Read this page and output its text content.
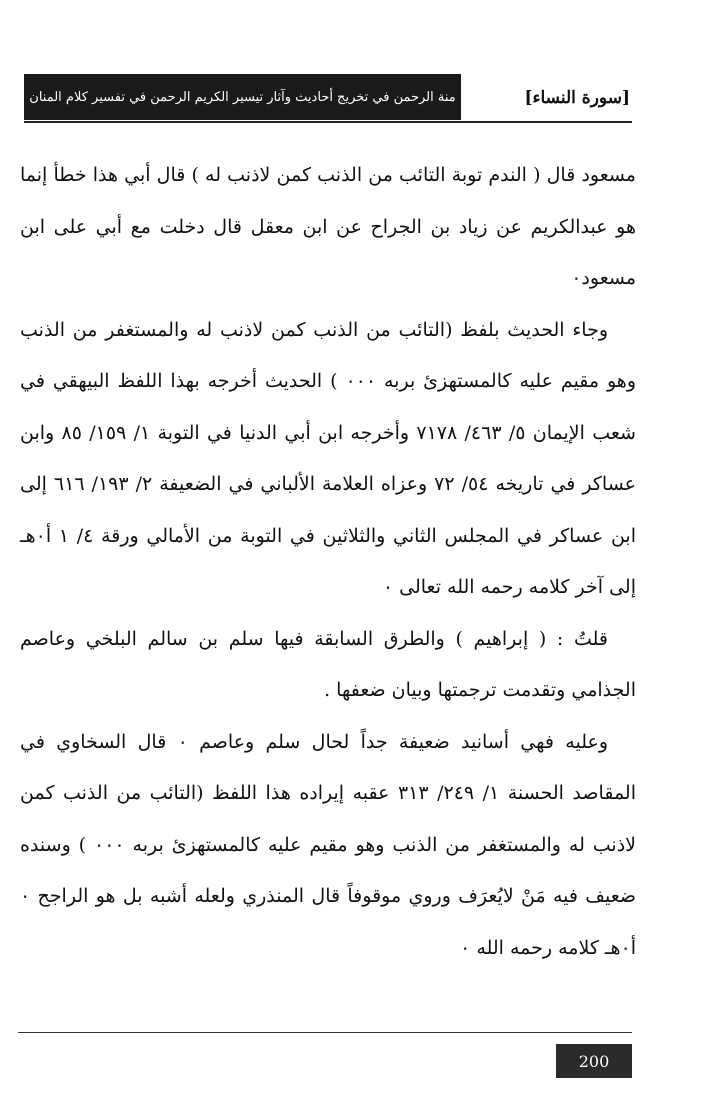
منة الرحمن في تخريج أحاديث وآثار تيسير الكريم الرحمن في تفسير كلام المنان	[سورة النساء]

مسعود قال ( الندم توبة التائب من الذنب كمن لاذنب له ) قال أبي هذا خطأ إنما هو عبدالكريم عن زياد بن الجراح عن ابن معقل قال دخلت مع أبي على ابن مسعود٠

وجاء الحديث بلفظ (التائب من الذنب كمن لاذنب له والمستغفر من الذنب وهو مقيم عليه كالمستهزئ بربه ٠٠٠ ) الحديث أخرجه بهذا اللفظ البيهقي في شعب الإيمان ٥/ ٤٦٣/ ٧١٧٨ وأخرجه ابن أبي الدنيا في التوبة ١/ ١٥٩/ ٨٥ وابن عساكر في تاريخه ٥٤/ ٧٢ وعزاه العلامة الألباني في الضعيفة ٢/ ١٩٣/ ٦١٦ إلى ابن عساكر في المجلس الثاني والثلاثين في التوبة من الأمالي ورقة ٤/ ١ أ٠هـ إلى آخر كلامه رحمه الله تعالى ٠

قلتُ : ( إبراهيم ) والطرق السابقة فيها سلم بن سالم البلخي وعاصم الجذامي وتقدمت ترجمتها وبيان ضعفها .

وعليه فهي أسانيد ضعيفة جداً لحال سلم وعاصم ٠ قال السخاوي في المقاصد الحسنة ١/ ٢٤٩/ ٣١٣ عقبه إيراده هذا اللفظ (التائب من الذنب كمن لاذنب له والمستغفر من الذنب وهو مقيم عليه كالمستهزئ بربه ٠٠٠ ) وسنده ضعيف فيه مَنْ لايُعرَف وروي موقوفاً قال المنذري ولعله أشبه بل هو الراجح ٠ أ٠هـ كلامه رحمه الله ٠

200
